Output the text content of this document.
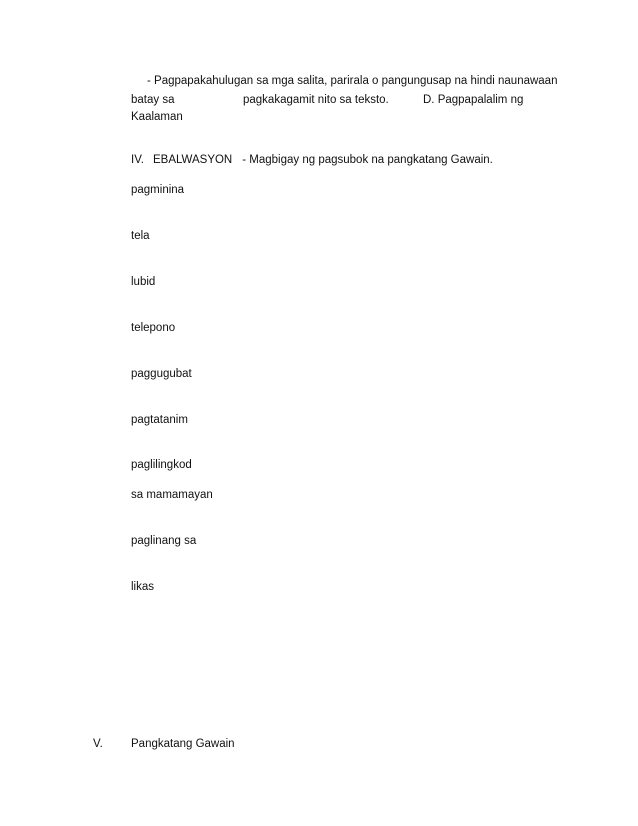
- Pagpapakahulugan sa mga salita, parirala o pangungusap na hindi naunawaan
batay sa	pagkakagamit nito sa teksto.	D. Pagpapalalim ng
Kaalaman
IV. EBALWASYON - Magbigay ng pagsubok na pangkatang Gawain.
pagminina
tela
lubid
telepono
paggugubat
pagtatanim
paglilingkod
sa mamamayan
paglinang sa
likas
V. Pangkatang Gawain
